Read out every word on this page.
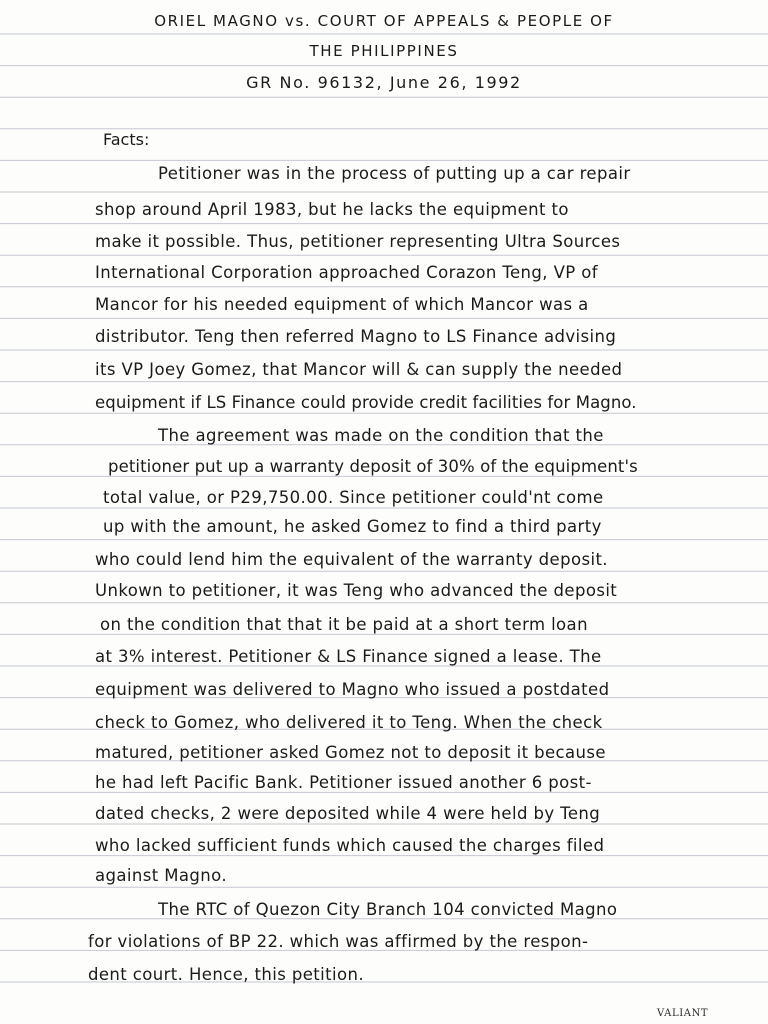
ORIEL MAGNO vs. COURT OF APPEALS & PEOPLE OF
THE PHILIPPINES
GR No. 96132, June 26, 1992
Facts:
Petitioner was in the process of putting up a car repair
shop around April 1983, but he lacks the equipment to
make it possible. Thus, petitioner representing Ultra Sources
International Corporation approached Corazon Teng, VP of
Mancor for his needed equipment of which Mancor was a
distributor. Teng then referred Magno to LS Finance advising
its VP Joey Gomez, that Mancor will & can supply the needed
equipment if LS Finance could provide credit facilities for Magno.
The agreement was made on the condition that the
petitioner put up a warranty deposit of 30% of the equipment's
total value, or P29,750.00. Since petitioner could'nt come
up with the amount, he asked Gomez to find a third party
who could lend him the equivalent of the warranty deposit.
Unkown to petitioner, it was Teng who advanced the deposit
on the condition that that it be paid at a short term loan
at 3% interest. Petitioner & LS Finance signed a lease. The
equipment was delivered to Magno who issued a postdated
check to Gomez, who delivered it to Teng. When the check
matured, petitioner asked Gomez not to deposit it because
he had left Pacific Bank. Petitioner issued another 6 post-
dated checks, 2 were deposited while 4 were held by Teng
who lacked sufficient funds which caused the charges filed
against Magno.
The RTC of Quezon City Branch 104 convicted Magno
for violations of BP 22. which was affirmed by the respon-
dent court. Hence, this petition.
VALIANT
